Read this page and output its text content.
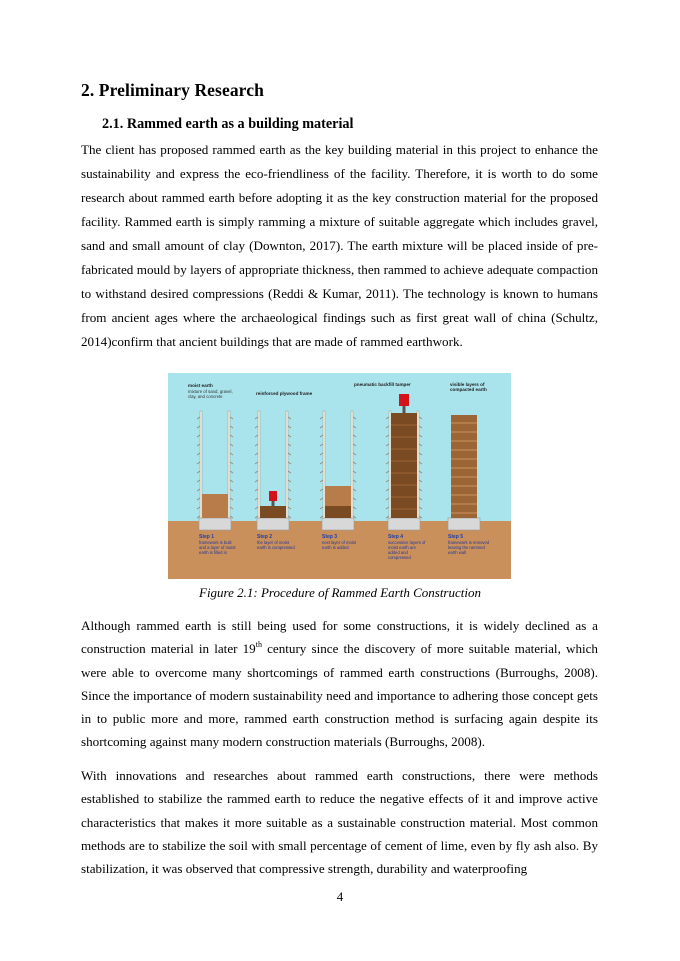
2. Preliminary Research
2.1. Rammed earth as a building material

The client has proposed rammed earth as the key building material in this project to enhance the sustainability and express the eco-friendliness of the facility. Therefore, it is worth to do some research about rammed earth before adopting it as the key construction material for the proposed facility. Rammed earth is simply ramming a mixture of suitable aggregate which includes gravel, sand and small amount of clay (Downton, 2017). The earth mixture will be placed inside of pre-fabricated mould by layers of appropriate thickness, then rammed to achieve adequate compaction to withstand desired compressions (Reddi & Kumar, 2011). The technology is known to humans from ancient ages where the archaeological findings such as first great wall of china (Schultz, 2014)confirm that ancient buildings that are made of rammed earthwork.

moist earth
mixture of sand, gravel,
clay, and concrete
reinforced plywood frame
pneumatic backfill tamper	visible layers of
compacted earth
Step 1
framework is built
and a layer of moist
earth is filled in
Step 2
the layer of moist
earth is compressed
Step 3
next layer of moist
earth is added
Step 4
successive layers of
moist earth are
added and
compressed
Step 5
framework is removed
leaving the rammed
earth wall
Figure 2.1: Procedure of Rammed Earth Construction

Although rammed earth is still being used for some constructions, it is widely declined as a construction material in later 19th century since the discovery of more suitable material, which were able to overcome many shortcomings of rammed earth constructions (Burroughs, 2008). Since the importance of modern sustainability need and importance to adhering those concept gets in to public more and more, rammed earth construction method is surfacing again despite its shortcoming against many modern construction materials (Burroughs, 2008).

With innovations and researches about rammed earth constructions, there were methods established to stabilize the rammed earth to reduce the negative effects of it and improve active characteristics that makes it more suitable as a sustainable construction material. Most common methods are to stabilize the soil with small percentage of cement of lime, even by fly ash also. By stabilization, it was observed that compressive strength, durability and waterproofing

4
